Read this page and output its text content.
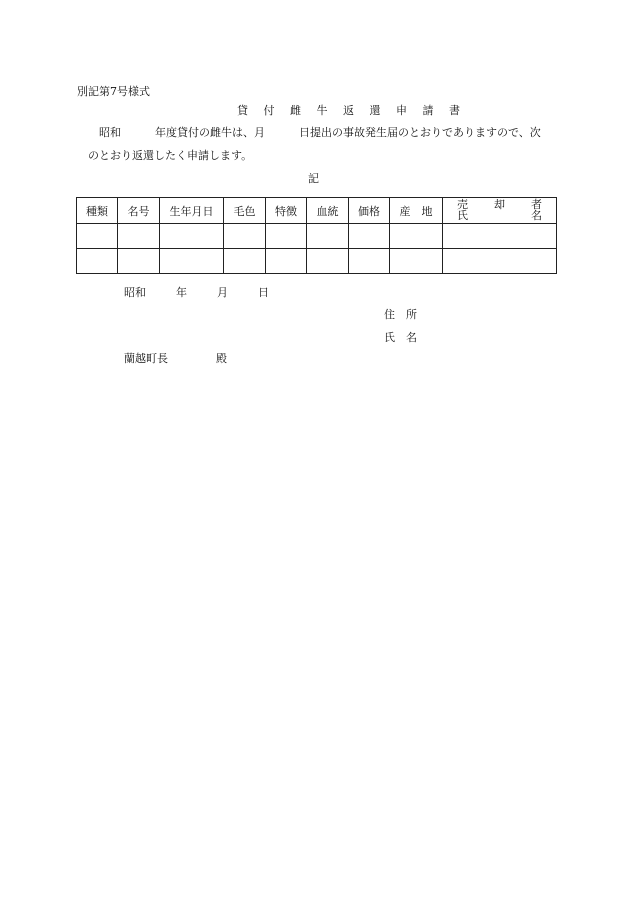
別記第7号様式
貸 付 雌 牛 返 還 申 請 書
昭和	年度貸付の雌牛は、月	日提出の事故発生届のとおりでありますので、次
のとおり返還したく申請します。
記
種類	名号	生年月日	毛色	特徴	血統	価格	産　地	売 却 者
氏 名

昭和	年	月	日
住　所
氏　名
蘭越町長	殿
